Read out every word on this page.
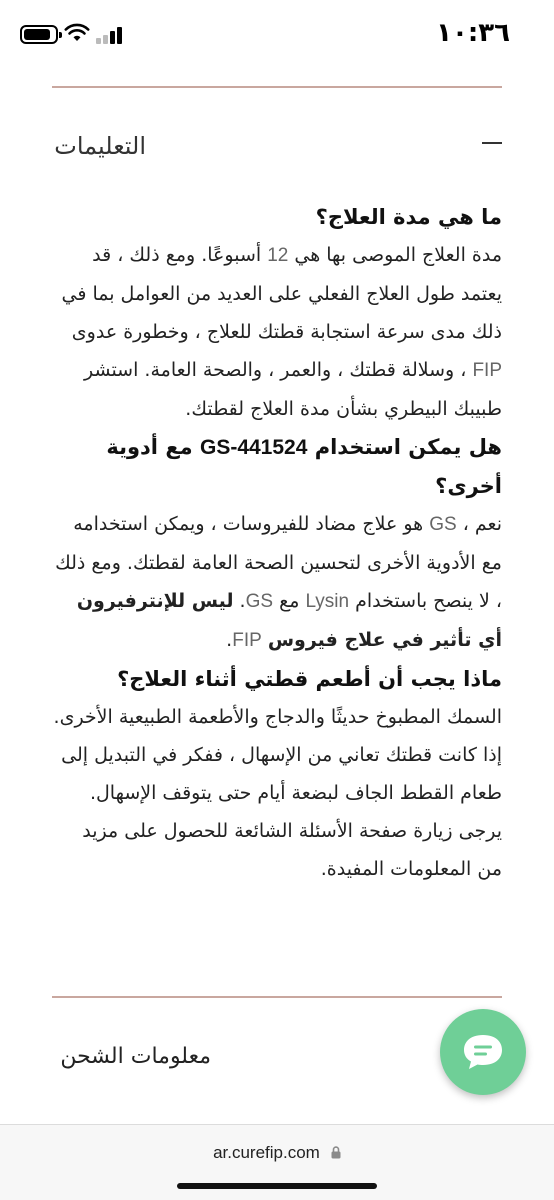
١٠:٣٦
التعليمات
ما هي مدة العلاج؟
مدة العلاج الموصى بها هي 12 أسبوعًا. ومع ذلك ، قد يعتمد طول العلاج الفعلي على العديد من العوامل بما في ذلك مدى سرعة استجابة قطتك للعلاج ، وخطورة عدوى FIP ، وسلالة قطتك ، والعمر ، والصحة العامة. استشر طبيبك البيطري بشأن مدة العلاج لقطتك.
هل يمكن استخدام GS-441524 مع أدوية أخرى؟
نعم ، GS هو علاج مضاد للفيروسات ، ويمكن استخدامه مع الأدوية الأخرى لتحسين الصحة العامة لقطتك. ومع ذلك ، لا ينصح باستخدام Lysin مع GS. ليس للإنترفيرون أي تأثير في علاج فيروس FIP.
ماذا يجب أن أطعم قطتي أثناء العلاج؟
السمك المطبوخ حديثًا والدجاج والأطعمة الطبيعية الأخرى. إذا كانت قطتك تعاني من الإسهال ، ففكر في التبديل إلى طعام القطط الجاف لبضعة أيام حتى يتوقف الإسهال.
يرجى زيارة صفحة الأسئلة الشائعة للحصول على مزيد من المعلومات المفيدة.
معلومات الشحن
ar.curefip.com
